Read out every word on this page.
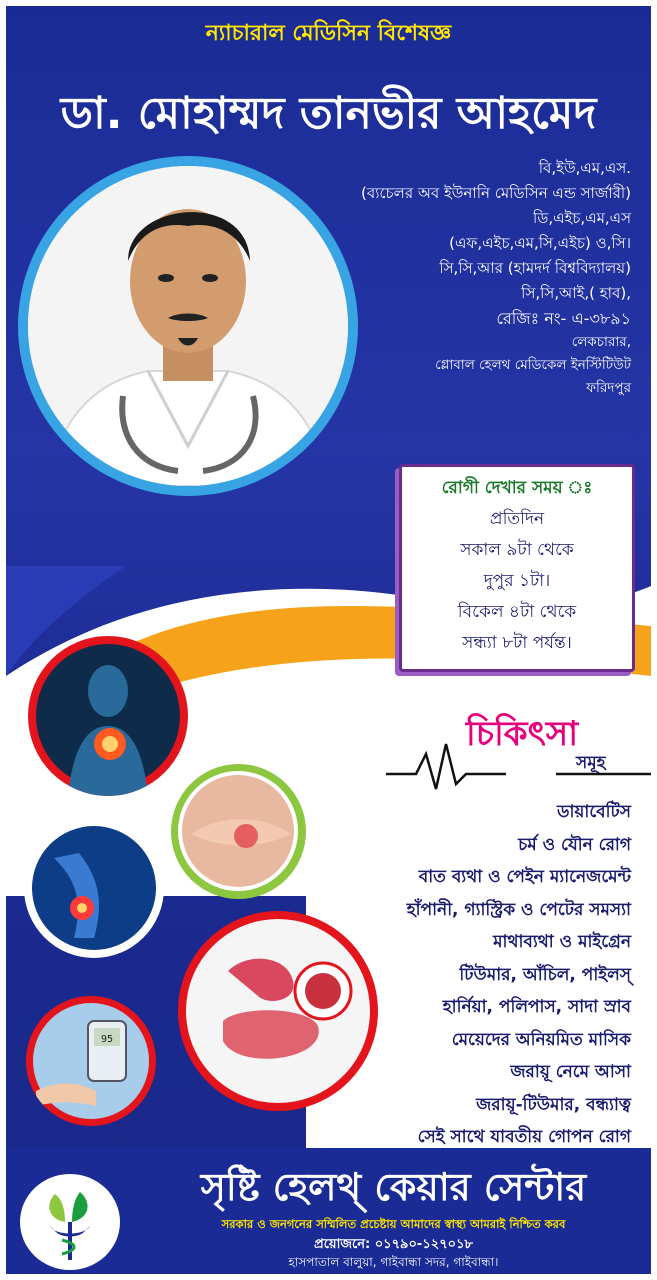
ন্যাচারাল মেডিসিন বিশেষজ্ঞ
ডা. মোহাম্মদ তানভীর আহমেদ
বি,ইউ,এম,এস.
(ব্যচেলর অব ইউনানি মেডিসিন এন্ড সার্জারী)
ডি,এইচ,এম,এস
(এফ,এইচ,এম,সি,এইচ) ও,সি।
সি,সি,আর (হামদর্দ বিশ্ববিদ্যালয়)
সি,সি,আই,( হাব),
রেজিঃ নং- এ-৩৮৯১
লেকচারার,
গ্লোবাল হেলথ মেডিকেল ইনস্টিটিউট
ফরিদপুর
রোগী দেখার সময় ঃ
প্রতিদিন
সকাল ৯টা থেকে
দুপুর ১টা।
বিকেল ৪টা থেকে
সন্ধ্যা ৮টা পর্যন্ত।
95
চিকিৎসা
সমূহ
ডায়াবেটিস
চর্ম ও যৌন রোগ
বাত ব্যথা ও পেইন ম্যানেজমেন্ট
হাঁপানী, গ্যাস্ট্রিক ও পেটের সমস্যা
মাথাব্যথা ও মাইগ্রেন
টিউমার, আঁচিল, পাইলস্
হার্নিয়া, পলিপাস, সাদা স্রাব
মেয়েদের অনিয়মিত মাসিক
জরায়ূ নেমে আসা
জরায়ূ-টিউমার, বন্ধ্যাত্ব
সেই সাথে যাবতীয় গোপন রোগ
সৃষ্টি হেলথ্ কেয়ার সেন্টার
সরকার ও জনগনের সম্মিলিত প্রচেষ্টায় আমাদের স্বাস্থ্য আমরাই নিশ্চিত করব
প্রয়োজনে: ০১৭৯০-১২৭০১৮
হাসপাতাল বালুয়া, গাইবান্ধা সদর, গাইবান্ধা।
